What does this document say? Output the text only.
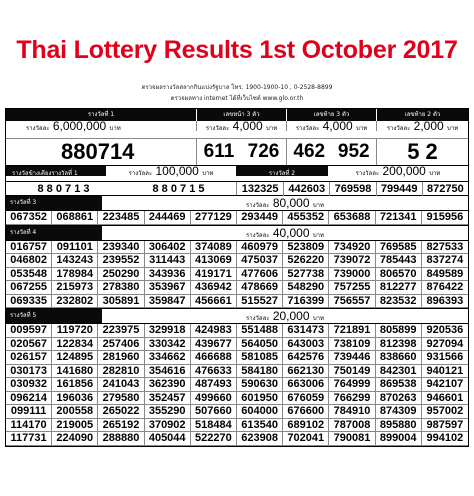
Thai Lottery Results 1st October 2017
ตรวจผลรางวัลสลากกินแบ่งรัฐบาล โทร. 1900-1900-10 , 0-2528-8899
ตรวจผลทาง internet ได้ที่เว็บไซต์ www.glo.or.th
รางวัลที่ 1	เลขหน้า 3 ตัว	เลขท้าย 3 ตัว	เลขท้าย 2 ตัว
รางวัลละ 6,000,000 บาท	รางวัลละ 4,000 บาท	รางวัลละ 4,000 บาท	รางวัลละ 2,000 บาท
880714	611 726 462 952	5 2
รางวัลข้างเคียงรางวัลที่ 1	รางวัลละ 100,000 บาท	รางวัลที่ 2	รางวัลละ 200,000 บาท
8 8 0 7 1 3	8 8 0 7 1 5	132325 442603 769598 799449 872750
รางวัลที่ 3	รางวัลละ 80,000 บาท
067352 068861 223485 244469 277129 293449 455352 653688 721341 915956
รางวัลที่ 4	รางวัลละ 40,000 บาท
016757 091101 239340 306402 374089 460979 523809 734920 769585 827533
046802 143243 239552 311443 413069 475037 526220 739072 785443 837274
053548 178984 250290 343936 419171 477606 527738 739000 806570 849589
067255 215973 278380 353967 436942 478669 548290 757255 812277 876422
069335 232802 305891 359847 456661 515527 716399 756557 823532 896393
รางวัลที่ 5	รางวัลละ 20,000 บาท
009597 119720 223975 329918 424983 551488 631473 721891 805899 920536
020567 122834 257406 330342 439677 564050 643003 738109 812398 927094
026157 124895 281960 334662 466688 581085 642576 739446 838660 931566
030173 141680 282810 354616 476633 584180 662130 750149 842301 940121
030932 161856 241043 362390 487493 590630 663006 764999 869538 942107
096214 196036 279580 352457 499660 601950 676059 766299 870263 946601
099111 200558 265022 355290 507660 604000 676600 784910 874309 957002
114170 219005 265192 370902 518484 613540 689102 787008 895880 987597
117731 224090 288880 405044 522270 623908 702041 790081 899004 994102
